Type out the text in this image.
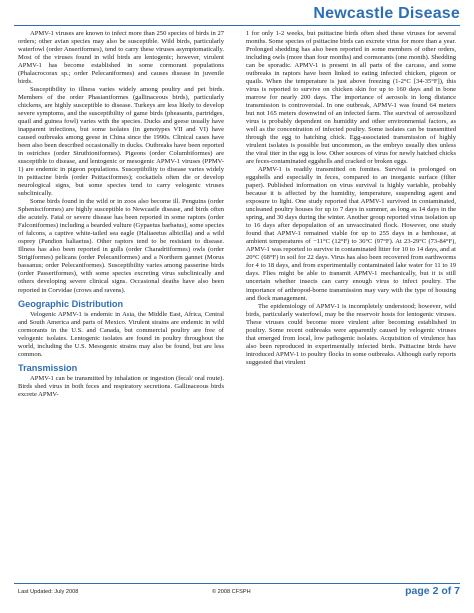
Newcastle Disease

APMV-1 viruses are known to infect more than 250 species of birds in 27 orders; other avian species may also be susceptible. Wild birds, particularly waterfowl (order Anseriformes), tend to carry these viruses asymptomatically. Most of the viruses found in wild birds are lentogenic; however, virulent APMV-1 has become established in some cormorant populations (Phalacrocorax sp.; order Pelecaniformes) and causes disease in juvenile birds.

Susceptibility to illness varies widely among poultry and pet birds. Members of the order Phasianiformes (gallinaceous birds), particularly chickens, are highly susceptible to disease. Turkeys are less likely to develop severe symptoms, and the susceptibility of game birds (pheasants, partridges, quail and guinea fowl) varies with the species. Ducks and geese usually have inapparent infections, but some isolates (in genotypes VII and VI) have caused outbreaks among geese in China since the 1990s. Clinical cases have been also been described occasionally in ducks. Outbreaks have been reported in ostriches (order Struthioniformes). Pigeons (order Columbiformes) are susceptible to disease, and lentogenic or mesogenic APMV-1 viruses (PPMV-1) are endemic in pigeon populations. Susceptibility to disease varies widely in psittacine birds (order Psittaciformes); cockatiels often die or develop neurological signs, but some species tend to carry velogenic viruses subclinically.

Some birds found in the wild or in zoos also become ill. Penguins (order Sphenisciformes) are highly susceptible to Newcastle disease, and birds often die acutely. Fatal or severe disease has been reported in some raptors (order Falconiformes) including a bearded vulture (Gypaetus barbatus), some species of falcons, a captive white-tailed sea eagle (Haliaeetus albicilla) and a wild osprey (Pandion haliaetus). Other raptors tend to be resistant to disease. Illness has also been reported in gulls (order Charadriiformes) owls (order Strigiformes) pelicans (order Pelecaniformes) and a Northern gannet (Morus bassanus; order Pelecaniformes). Susceptibility varies among passerine birds (order Passeriformes), with some species excreting virus subclinically and others developing severe clinical signs. Occasional deaths have also been reported in Corvidae (crows and ravens).

Geographic Distribution

Velogenic APMV-1 is endemic in Asia, the Middle East, Africa, Central and South America and parts of Mexico. Virulent strains are endemic in wild cormorants in the U.S. and Canada, but commercial poultry are free of velogenic isolates. Lentogenic isolates are found in poultry throughout the world, including the U.S. Mesogenic strains may also be found, but are less common.

Transmission

APMV-1 can be transmitted by inhalation or ingestion (fecal/ oral route). Birds shed virus in both feces and respiratory secretions. Gallinaceous birds excrete APMV-

1 for only 1-2 weeks, but psittacine birds often shed these viruses for several months. Some species of psittacine birds can excrete virus for more than a year. Prolonged shedding has also been reported in some members of other orders, including owls (more than four months) and cormorants (one month). Shedding can be sporadic. APMV-1 is present in all parts of the carcass, and some outbreaks in raptors have been linked to eating infected chicken, pigeon or quails. When the temperature is just above freezing (1-2°C [34-35°F]), this virus is reported to survive on chicken skin for up to 160 days and in bone marrow for nearly 200 days. The importance of aerosols in long distance transmission is controversial. In one outbreak, APMV-1 was found 64 meters but not 165 meters downwind of an infected farm. The survival of aerosolized virus is probably dependent on humidity and other environmental factors, as well as the concentration of infected poultry. Some isolates can be transmitted through the egg to hatching chick. Egg-associated transmission of highly virulent isolates is possible but uncommon, as the embryo usually dies unless the viral titer in the egg is low. Other sources of virus for newly hatched chicks are feces-contaminated eggshells and cracked or broken eggs.

APMV-1 is readily transmitted on fomites. Survival is prolonged on eggshells and especially in feces, compared to an inorganic surface (filter paper). Published information on virus survival is highly variable, probably because it is affected by the humidity, temperature, suspending agent and exposure to light. One study reported that APMV-1 survived in contaminated, uncleaned poultry houses for up to 7 days in summer, as long as 14 days in the spring, and 30 days during the winter. Another group reported virus isolation up to 16 days after depopulation of an unvaccinated flock. However, one study found that APMV-1 remained viable for up to 255 days in a henhouse, at ambient temperatures of −11°C (12°F) to 36°C (97°F). At 23-29°C (73-84°F), APMV-1 was reported to survive in contaminated litter for 10 to 14 days, and at 20°C (68°F) in soil for 22 days. Virus has also been recovered from earthworms for 4 to 18 days, and from experimentally contaminated lake water for 11 to 19 days. Flies might be able to transmit APMV-1 mechanically, but it is still uncertain whether insects can carry enough virus to infect poultry. The importance of arthropod-borne transmission may vary with the type of housing and flock management.

The epidemiology of APMV-1 is incompletely understood; however, wild birds, particularly waterfowl, may be the reservoir hosts for lentogenic viruses. These viruses could become more virulent after becoming established in poultry. Some recent outbreaks were apparently caused by velogenic viruses that emerged from local, low pathogenic isolates. Acquisition of virulence has also been reproduced in experimentally infected birds. Psittacine birds have introduced APMV-1 to poultry flocks in some outbreaks. Although early reports suggested that virulent

Last Updated: July 2008	© 2008 CFSPH	page 2 of 7
